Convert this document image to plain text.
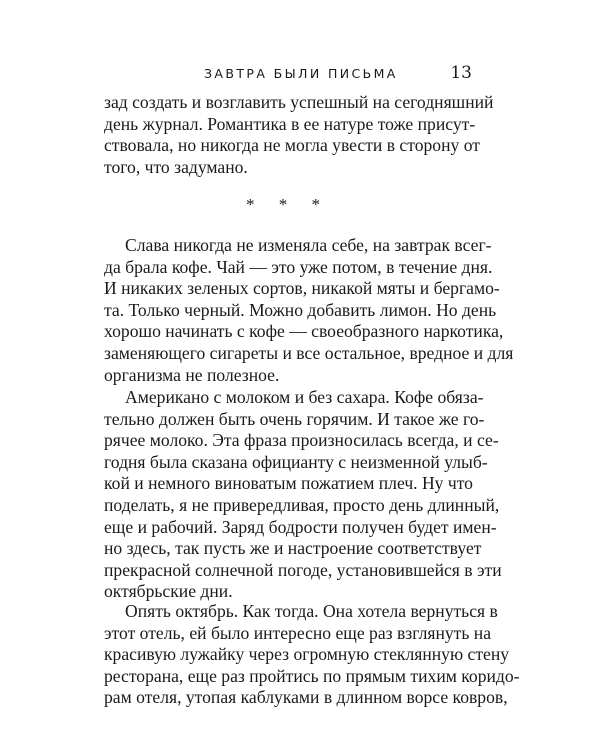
ЗАВТРА БЫЛИ ПИСЬМА	13
зад создать и возглавить успешный на сегодняшний
день журнал. Романтика в ее натуре тоже присут-
ствовала, но никогда не могла увести в сторону от
того, что задумано.
* * *
Слава никогда не изменяла себе, на завтрак всег-
да брала кофе. Чай — это уже потом, в течение дня.
И никаких зеленых сортов, никакой мяты и бергамо-
та. Только черный. Можно добавить лимон. Но день
хорошо начинать с кофе — своеобразного наркотика,
заменяющего сигареты и все остальное, вредное и для
организма не полезное.
Американо с молоком и без сахара. Кофе обяза-
тельно должен быть очень горячим. И такое же го-
рячее молоко. Эта фраза произносилась всегда, и се-
годня была сказана официанту с неизменной улыб-
кой и немного виноватым пожатием плеч. Ну что
поделать, я не привередливая, просто день длинный,
еще и рабочий. Заряд бодрости получен будет имен-
но здесь, так пусть же и настроение соответствует
прекрасной солнечной погоде, установившейся в эти
октябрьские дни.
Опять октябрь. Как тогда. Она хотела вернуться в
этот отель, ей было интересно еще раз взглянуть на
красивую лужайку через огромную стеклянную стену
ресторана, еще раз пройтись по прямым тихим коридо-
рам отеля, утопая каблуками в длинном ворсе ковров,
